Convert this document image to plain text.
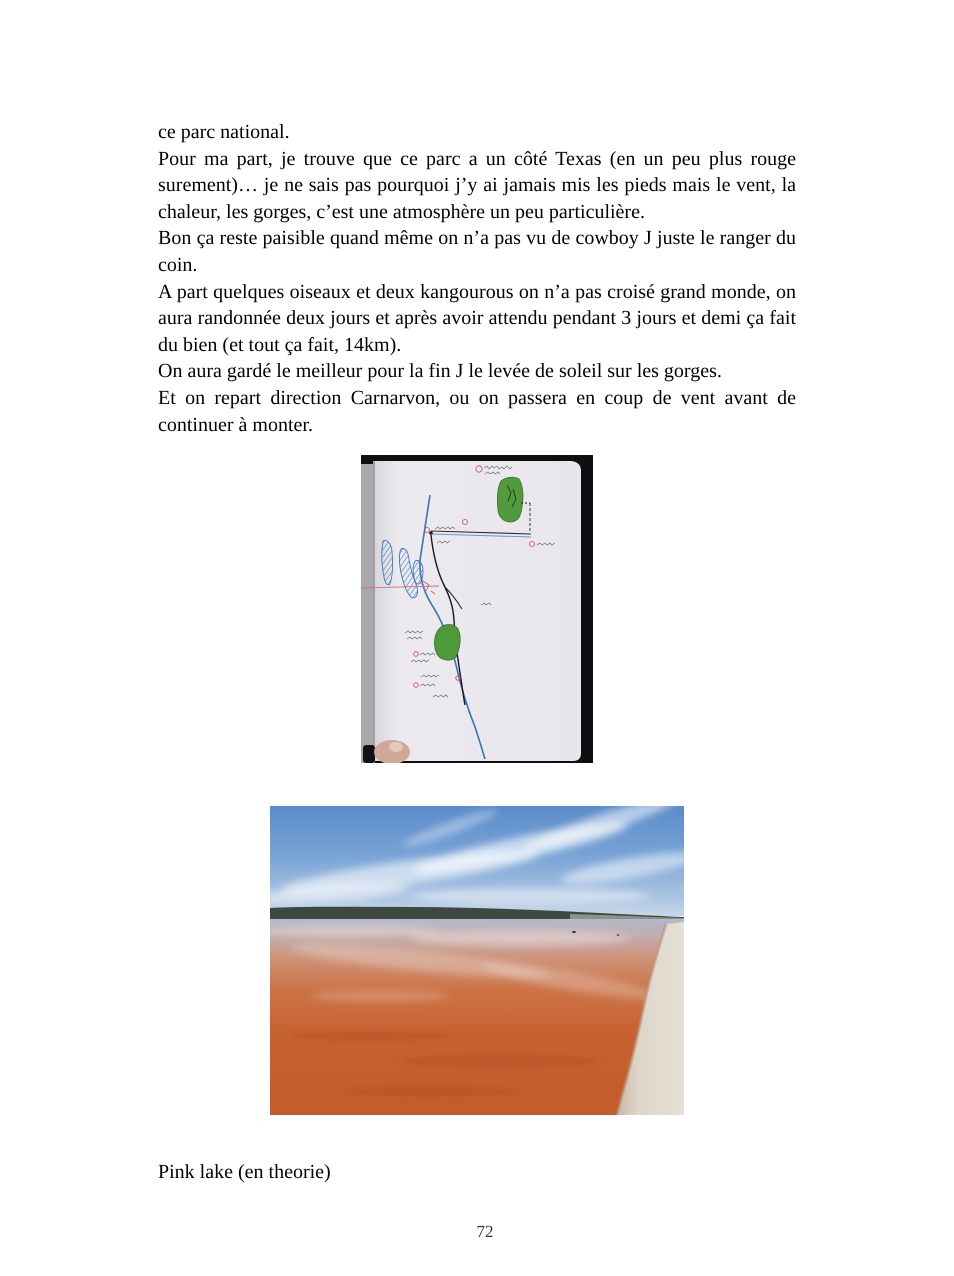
ce parc national.
Pour ma part, je trouve que ce parc a un côté Texas (en un peu plus rouge
surement)… je ne sais pas pourquoi j’y ai jamais mis les pieds mais le vent, la
chaleur, les gorges, c’est une atmosphère un peu particulière.
Bon ça reste paisible quand même on n’a pas vu de cowboy J juste le ranger du
coin.
A part quelques oiseaux et deux kangourous on n’a pas croisé grand monde, on
aura randonnée deux jours et après avoir attendu pendant 3 jours et demi ça fait
du bien (et tout ça fait, 14km).
On aura gardé le meilleur pour la fin J le levée de soleil sur les gorges.
Et on repart direction Carnarvon, ou on passera en coup de vent avant de
continuer à monter.
Pink lake (en theorie)
72
